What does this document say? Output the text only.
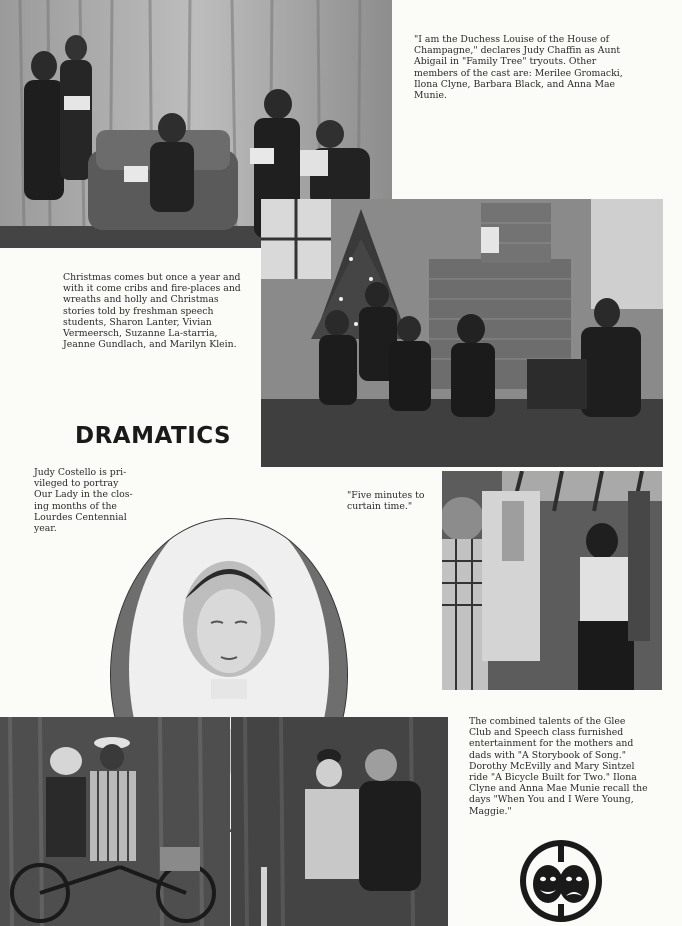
"I am the Duchess Louise of the House of Champagne," declares Judy Chaffin as Aunt Abigail in "Family Tree" tryouts. Other members of the cast are: Merilee Gromacki, Ilona Clyne, Barbara Black, and Anna Mae Munie.

Christmas comes but once a year and with it come cribs and fire-places and wreaths and holly and Christmas stories told by freshman speech students, Sharon Lanter, Vivian Vermeersch, Suzanne La-starria, Jeanne Gundlach, and Marilyn Klein.

DRAMATICS

Judy Costello is pri-vileged to portray Our Lady in the clos-ing months of the Lourdes Centennial year.

"Five minutes to curtain time."

The combined talents of the Glee Club and Speech class furnished entertainment for the mothers and dads with "A Storybook of Song." Dorothy McEvilly and Mary Sintzel ride "A Bicycle Built for Two." Ilona Clyne and Anna Mae Munie recall the days "When You and I Were Young, Maggie."
